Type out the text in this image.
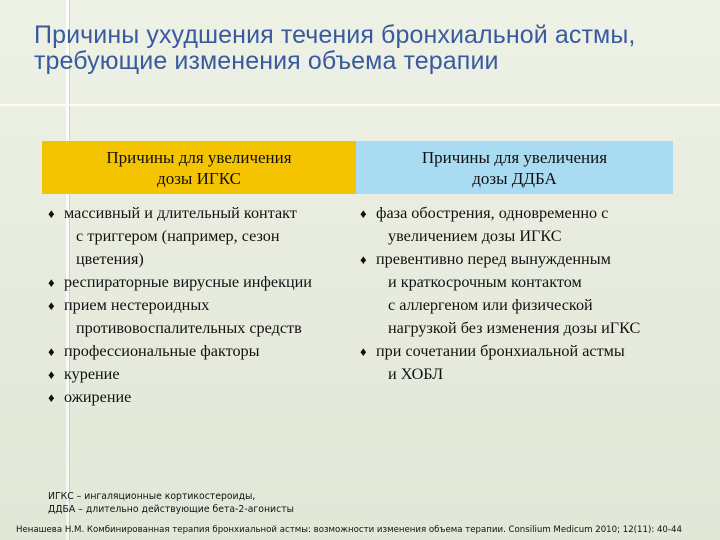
Причины ухудшения течения бронхиальной астмы,
требующие изменения объема терапии
Причины для увеличения
дозы ИГКС
Причины для увеличения
дозы ДДБА
♦ массивный и длительный контакт
с триггером (например, сезон
цветения)
♦ респираторные вирусные инфекции
♦ прием нестероидных
противовоспалительных средств
♦ профессиональные факторы
♦ курение
♦ ожирение
♦ фаза обострения, одновременно с
увеличением дозы ИГКС
♦ превентивно перед вынужденным
и краткосрочным контактом
с аллергеном или физической
нагрузкой без изменения дозы иГКС
♦ при сочетании бронхиальной астмы
и ХОБЛ
ИГКС – ингаляционные кортикостероиды,
ДДБА – длительно действующие бета-2-агонисты
Ненашева Н.М. Комбинированная терапия бронхиальной астмы: возможности изменения объема терапии. Consilium Medicum 2010; 12(11): 40-44
